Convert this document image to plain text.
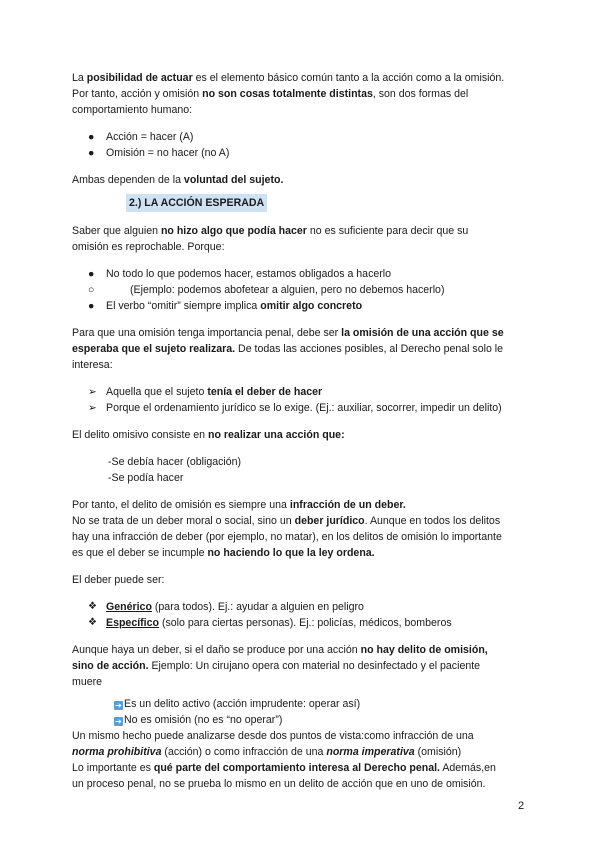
La posibilidad de actuar es el elemento básico común tanto a la acción como a la omisión.
Por tanto, acción y omisión no son cosas totalmente distintas, son dos formas del
comportamiento humano:

● Acción = hacer (A)
● Omisión = no hacer (no A)

Ambas dependen de la voluntad del sujeto.

2.) LA ACCIÓN ESPERADA

Saber que alguien no hizo algo que podía hacer no es suficiente para decir que su
omisión es reprochable. Porque:

● No todo lo que podemos hacer, estamos obligados a hacerlo
○	(Ejemplo: podemos abofetear a alguien, pero no debemos hacerlo)
● El verbo “omitir” siempre implica omitir algo concreto

Para que una omisión tenga importancia penal, debe ser la omisión de una acción que se
esperaba que el sujeto realizara. De todas las acciones posibles, al Derecho penal solo le
interesa:

➢ Aquella que el sujeto tenía el deber de hacer
➢ Porque el ordenamiento jurídico se lo exige. (Ej.: auxiliar, socorrer, impedir un delito)

El delito omisivo consiste en no realizar una acción que:

-Se debía hacer (obligación)
-Se podía hacer

Por tanto, el delito de omisión es siempre una infracción de un deber.
No se trata de un deber moral o social, sino un deber jurídico. Aunque en todos los delitos
hay una infracción de deber (por ejemplo, no matar), en los delitos de omisión lo importante
es que el deber se incumple no haciendo lo que la ley ordena.

El deber puede ser:

❖ Genérico (para todos). Ej.: ayudar a alguien en peligro
❖ Específico (solo para ciertas personas). Ej.: policías, médicos, bomberos

Aunque haya un deber, si el daño se produce por una acción no hay delito de omisión,
sino de acción. Ejemplo: Un cirujano opera con material no desinfectado y el paciente
muere

➔ Es un delito activo (acción imprudente: operar así)
➔ No es omisión (no es “no operar”)

Un mismo hecho puede analizarse desde dos puntos de vista:como infracción de una
norma prohibitiva (acción) o como infracción de una norma imperativa (omisión)
Lo importante es qué parte del comportamiento interesa al Derecho penal. Además,en
un proceso penal, no se prueba lo mismo en un delito de acción que en uno de omisión.

2
